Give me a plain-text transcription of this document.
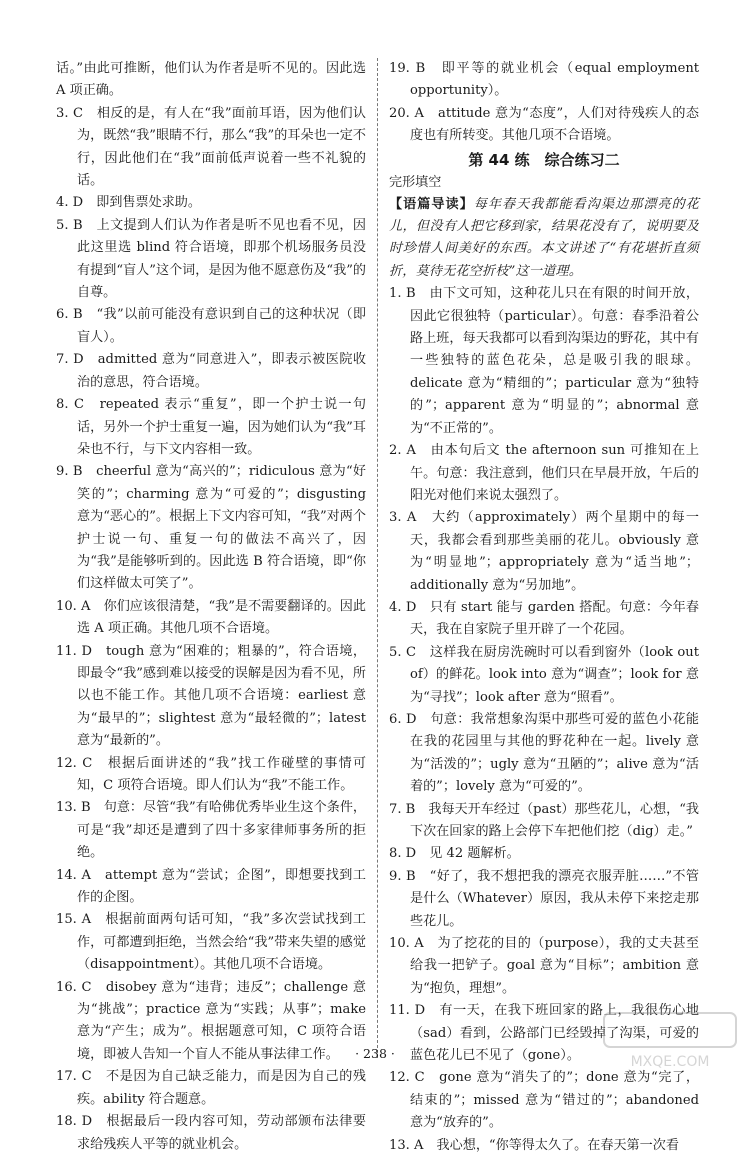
话。”由此可推断，他们认为作者是听不见的。因此选 A 项正确。

3. C　 相反的是，有人在“我”面前耳语，因为他们认为，既然“我”眼睛不行，那么“我”的耳朵也一定不行，因此他们在“我”面前低声说着一些不礼貌的话。

4. D　 即到售票处求助。

5. B　 上文提到人们认为作者是听不见也看不见，因此这里选 blind 符合语境，即那个机场服务员没有提到“盲人”这个词，是因为他不愿意伤及“我”的自尊。

6. B　 “我”以前可能没有意识到自己的这种状况（即盲人）。

7. D　 admitted 意为“同意进入”，即表示被医院收治的意思，符合语境。

8. C　 repeated 表示“重复”，即一个护士说一句话，另外一个护士重复一遍，因为她们认为“我”耳朵也不行，与下文内容相一致。

9. B　 cheerful 意为“高兴的”；ridiculous 意为“好笑的”；charming 意为“可爱的”；disgusting 意为“恶心的”。根据上下文内容可知，“我”对两个护士说一句、重复一句的做法不高兴了，因为“我”是能够听到的。因此选 B 符合语境，即“你们这样做太可笑了”。

10. A　 你们应该很清楚，“我”是不需要翻译的。因此选 A 项正确。其他几项不合语境。

11. D　 tough 意为“困难的；粗暴的”，符合语境，即最令“我”感到难以接受的误解是因为看不见，所以也不能工作。其他几项不合语境：earliest 意为“最早的”；slightest 意为“最轻微的”；latest 意为“最新的”。

12. C　 根据后面讲述的“我”找工作碰壁的事情可知，C 项符合语境。即人们认为“我”不能工作。

13. B　 句意：尽管“我”有哈佛优秀毕业生这个条件，可是“我”却还是遭到了四十多家律师事务所的拒绝。

14. A　 attempt 意为“尝试；企图”，即想要找到工作的企图。

15. A　 根据前面两句话可知，“我”多次尝试找到工作，可都遭到拒绝，当然会给“我”带来失望的感觉（disappointment）。其他几项不合语境。

16. C　 disobey 意为“违背；违反”；challenge 意为“挑战”；practice 意为“实践；从事”；make 意为“产生；成为”。根据题意可知，C 项符合语境，即被人告知一个盲人不能从事法律工作。

17. C　 不是因为自己缺乏能力，而是因为自己的残疾。ability 符合题意。

18. D　 根据最后一段内容可知，劳动部颁布法律要求给残疾人平等的就业机会。

19. B　 即平等的就业机会（equal employment opportunity）。

20. A　 attitude 意为“态度”，人们对待残疾人的态度也有所转变。其他几项不合语境。

第 44 练　综合练习二

完形填空

【语篇导读】每年春天我都能看沟渠边那漂亮的花儿，但没有人把它移到家，结果花没有了，说明要及时珍惜人间美好的东西。本文讲述了“有花堪折直须折，莫待无花空折枝”这一道理。

1. B　 由下文可知，这种花儿只在有限的时间开放，因此它很独特（particular）。句意：春季沿着公路上班，每天我都可以看到沟渠边的野花，其中有一些独特的蓝色花朵，总是吸引我的眼球。delicate 意为“精细的”；particular 意为“独特的”；apparent 意为“明显的”；abnormal 意为“不正常的”。

2. A　 由本句后文 the afternoon sun 可推知在上午。句意：我注意到，他们只在早晨开放，午后的阳光对他们来说太强烈了。

3. A　 大约（approximately）两个星期中的每一天，我都会看到那些美丽的花儿。obviously 意为“明显地”；appropriately 意为“适当地”；additionally 意为“另加地”。

4. D　 只有 start 能与 garden 搭配。句意：今年春天，我在自家院子里开辟了一个花园。

5. C　 这样我在厨房洗碗时可以看到窗外（look out of）的鲜花。look into 意为“调查”；look for 意为“寻找”；look after 意为“照看”。

6. D　 句意：我常想象沟渠中那些可爱的蓝色小花能在我的花园里与其他的野花种在一起。lively 意为“活泼的”；ugly 意为“丑陋的”；alive 意为“活着的”；lovely 意为“可爱的”。

7. B　 我每天开车经过（past）那些花儿，心想，“我下次在回家的路上会停下车把他们挖（dig）走。”

8. D　 见 42 题解析。

9. B　 “好了，我不想把我的漂亮衣服弄脏……”不管是什么（Whatever）原因，我从未停下来挖走那些花儿。

10. A　 为了挖花的目的（purpose），我的丈夫甚至给我一把铲子。goal 意为“目标”；ambition 意为“抱负，理想”。

11. D　 有一天，在我下班回家的路上，我很伤心地（sad）看到，公路部门已经毁掉了沟渠，可爱的蓝色花儿已不见了（gone）。

12. C　 gone 意为“消失了的”；done 意为“完了，结束的”；missed 意为“错过的”；abandoned 意为“放弃的”。

13. A　 我心想，“你等得太久了。在春天第一次看

· 238 ·
MXQE.COM
